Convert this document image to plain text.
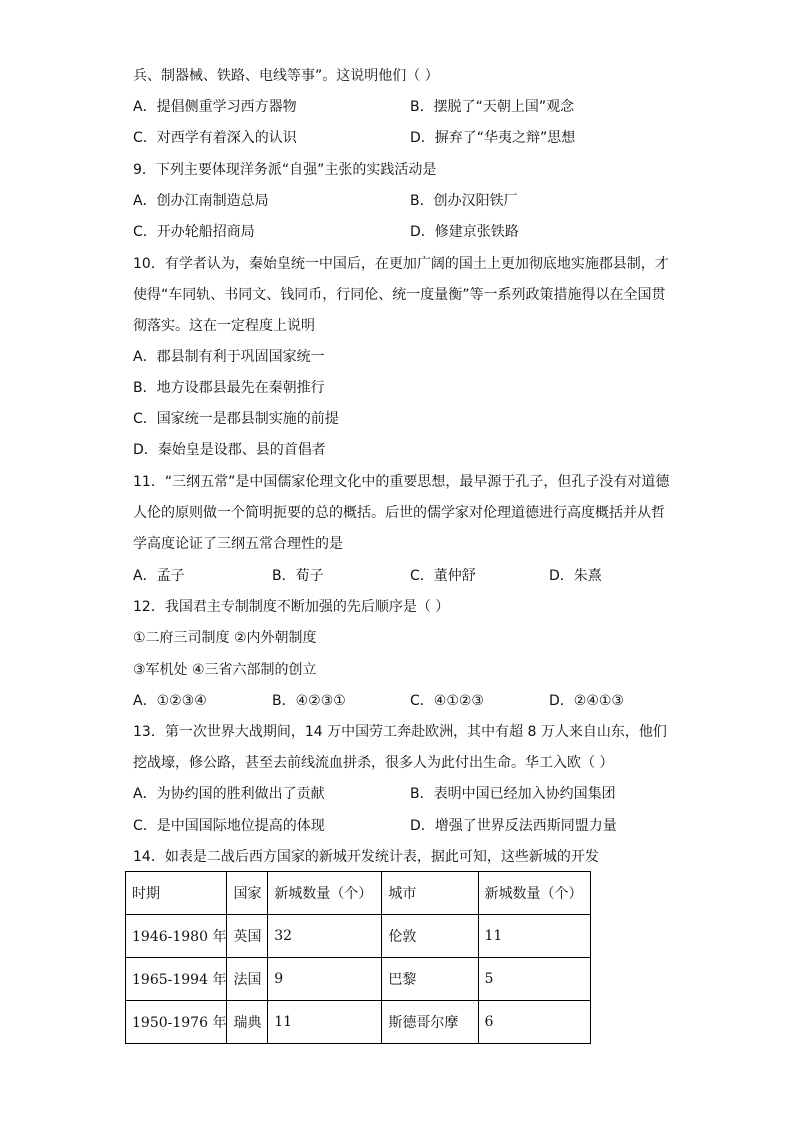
兵、制器械、铁路、电线等事”。这说明他们（ ）
A．提倡侧重学习西方器物	B．摆脱了“天朝上国”观念
C．对西学有着深入的认识	D．摒弃了“华夷之辩”思想
9．下列主要体现洋务派“自强”主张的实践活动是
A．创办江南制造总局	B．创办汉阳铁厂
C．开办轮船招商局	D．修建京张铁路
10．有学者认为，秦始皇统一中国后，在更加广阔的国土上更加彻底地实施郡县制，才
使得“车同轨、书同文、钱同币，行同伦、统一度量衡”等一系列政策措施得以在全国贯
彻落实。这在一定程度上说明
A．郡县制有利于巩固国家统一
B．地方设郡县最先在秦朝推行
C．国家统一是郡县制实施的前提
D．秦始皇是设郡、县的首倡者
11．“三纲五常”是中国儒家伦理文化中的重要思想，最早源于孔子，但孔子没有对道德
人伦的原则做一个简明扼要的总的概括。后世的儒学家对伦理道德进行高度概括并从哲
学高度论证了三纲五常合理性的是
A．孟子	B．荀子	C．董仲舒	D．朱熹
12．我国君主专制制度不断加强的先后顺序是（ ）
①二府三司制度 ②内外朝制度
③军机处 ④三省六部制的创立
A．①②③④	B．④②③①	C．④①②③	D．②④①③
13．第一次世界大战期间，14 万中国劳工奔赴欧洲，其中有超 8 万人来自山东，他们
挖战壕，修公路，甚至去前线流血拼杀，很多人为此付出生命。华工入欧（ ）
A．为协约国的胜利做出了贡献	B．表明中国已经加入协约国集团
C．是中国国际地位提高的体现	D．增强了世界反法西斯同盟力量
14．如表是二战后西方国家的新城开发统计表，据此可知，这些新城的开发
时期	国家	新城数量（个）	城市	新城数量（个）
1946-1980 年	英国	32	伦敦	11
1965-1994 年	法国	9	巴黎	5
1950-1976 年	瑞典	11	斯德哥尔摩	6
